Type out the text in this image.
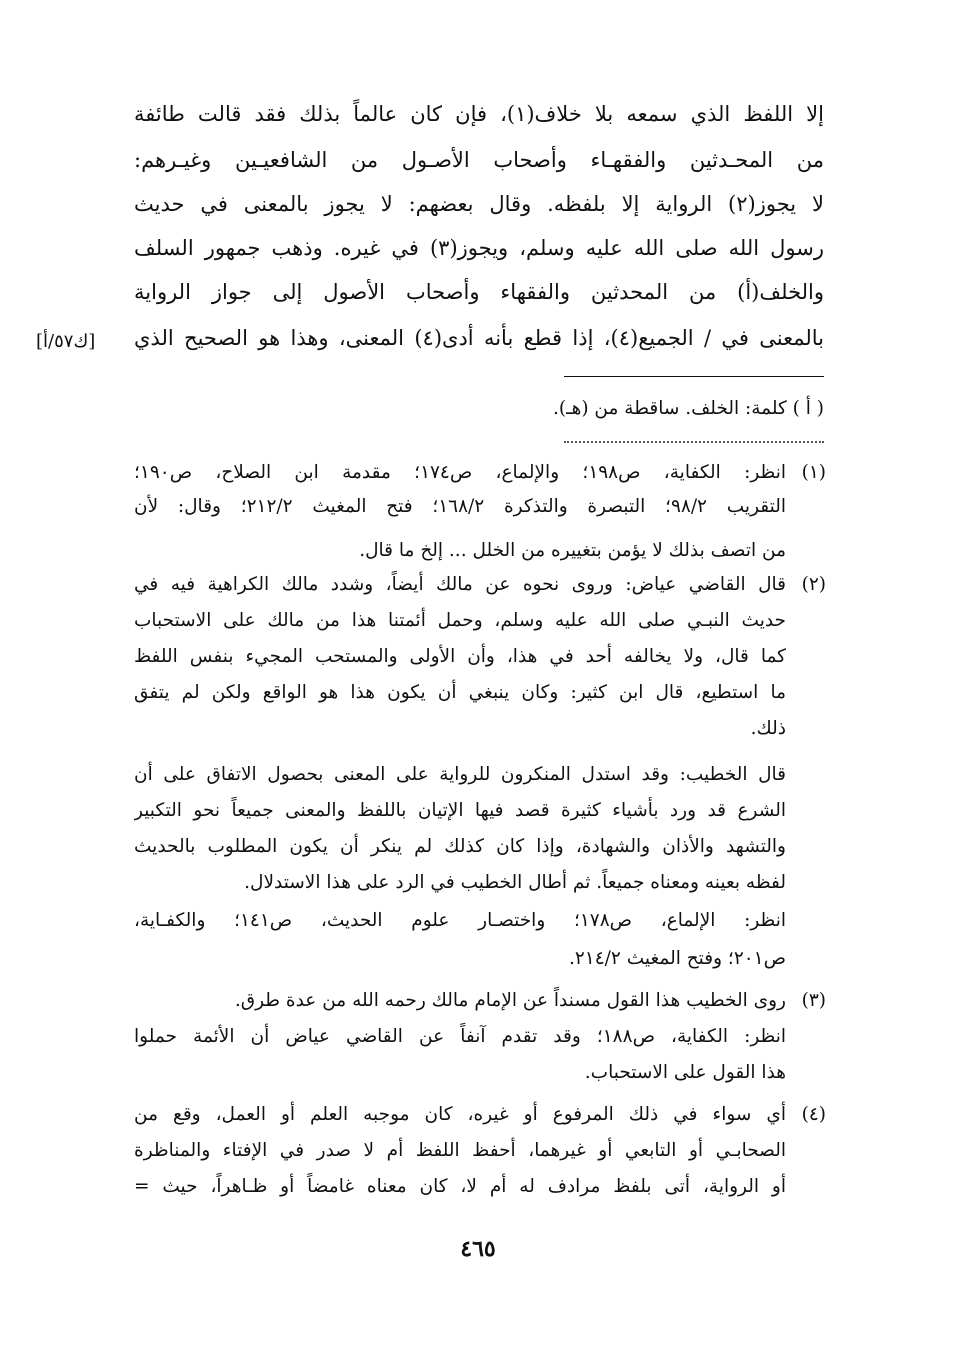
إلا اللفظ الذي سمعه بلا خلاف(١)، فإن كان عالماً بذلك فقد قالت طائفة
من المحـدثين والفقهـاء وأصحاب الأصـول من الشافعيـين وغيـرهم:
لا يجوز(٢) الرواية إلا بلفظه. وقال بعضهم: لا يجوز بالمعنى في حديث
رسول الله صلى الله عليه وسلم، ويجوز(٣) في غيره. وذهب جمهور السلف
والخلف(أ) من المحدثين والفقهاء وأصحاب الأصول إلى جواز الرواية
بالمعنى في / الجميع(٤)، إذا قطع بأنه أدى(٤) المعنى، وهذا هو الصحيح الذي
[ك٥٧/أ]
( أ ) كلمة: الخلف. ساقطة من (هـ).
(١)
انظر: الكفاية، ص١٩٨؛ والإلماع، ص١٧٤؛ مقدمة ابن الصلاح، ص١٩٠؛
التقريب ٩٨/٢؛ التبصرة والتذكرة ١٦٨/٢؛ فتح المغيث ٢١٢/٢؛ وقال: لأن
من اتصف بذلك لا يؤمن بتغييره من الخلل ... إلخ ما قال.
(٢)
قال القاضي عياض: وروى نحوه عن مالك أيضاً، وشدد مالك الكراهية فيه في
حديث النبـي صلى الله عليه وسلم، وحمل أئمتنا هذا من مالك على الاستحباب
كما قال، ولا يخالفه أحد في هذا، وأن الأولى والمستحب المجيء بنفس اللفظ
ما استطيع، قال ابن كثير: وكان ينبغي أن يكون هذا هو الواقع ولكن لم يتفق
ذلك.
قال الخطيب: وقد استدل المنكرون للرواية على المعنى بحصول الاتفاق على أن
الشرع قد ورد بأشياء كثيرة قصد فيها الإتيان باللفظ والمعنى جميعاً نحو التكبير
والتشهد والأذان والشهادة، وإذا كان كذلك لم ينكر أن يكون المطلوب بالحديث
لفظه بعينه ومعناه جميعاً. ثم أطال الخطيب في الرد على هذا الاستدلال.
انظر: الإلماع، ص١٧٨؛ واختصـار علوم الحديث، ص١٤١؛ والكفـاية،
ص٢٠١؛ وفتح المغيث ٢١٤/٢.
(٣)
روى الخطيب هذا القول مسنداً عن الإمام مالك رحمه الله من عدة طرق.
انظر: الكفاية، ص١٨٨؛ وقد تقدم آنفاً عن القاضي عياض أن الأئمة حملوا
هذا القول على الاستحباب.
(٤)
أي سواء في ذلك المرفوع أو غيره، كان موجبه العلم أو العمل، وقع من
الصحابـي أو التابعي أو غيرهما، أحفظ اللفظ أم لا صدر في الإفتاء والمناظرة
أو الرواية، أتى بلفظ مرادف له أم لا، كان معناه غامضاً أو ظـاهراً، حيث =
٤٦٥
